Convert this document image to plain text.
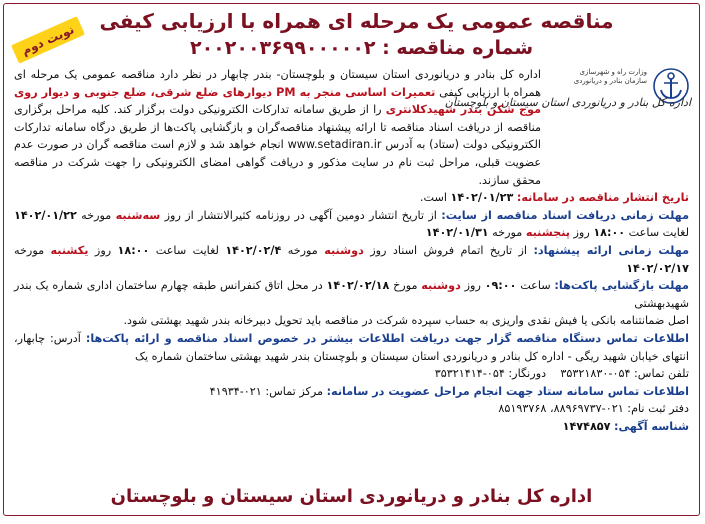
مناقصه عمومی یک مرحله ای همراه با ارزیابی کیفی
شماره مناقصه : ۲۰۰۲۰۰۳۶۹۹۰۰۰۰۰۲
نوبت دوم
وزارت راه و شهرسازی سازمان بنادر و دریانوردی
اداره کل بنادر و دریانوردی استان سیستان و بلوچستان

اداره کل بنادر و دریانوردی استان سیستان و بلوچستان- بندر چابهار در نظر دارد مناقصه عمومی یک مرحله ای همراه با ارزیابی کیفی تعمیرات اساسی منجر به PM دیوارهای ضلع شرقی، ضلع جنوبی و دیوار روی موج شکن بندر شهیدکلانتری را از طریق سامانه تدارکات الکترونیکی دولت برگزار کند. کلیه مراحل برگزاری مناقصه از دریافت اسناد مناقصه تا ارائه پیشنهاد مناقصه‌گران و بازگشایی پاکت‌ها از طریق درگاه سامانه تدارکات الکترونیکی دولت (ستاد) به آدرس www.setadiran.ir انجام خواهد شد و لازم است مناقصه گران در صورت عدم عضویت قبلی، مراحل ثبت نام در سایت مذکور و دریافت گواهی امضای الکترونیکی را جهت شرکت در مناقصه محقق سازند.

تاریخ انتشار مناقصه در سامانه: ۱۴۰۲/۰۱/۲۳ است.

مهلت زمانی دریافت اسناد مناقصه از سایت: از تاریخ انتشار دومین آگهی در روزنامه کثیرالانتشار از روز سه‌شنبه مورخه ۱۴۰۲/۰۱/۲۲ لغایت ساعت ۱۸:۰۰ روز پنجشنبه مورخه ۱۴۰۲/۰۱/۳۱

مهلت زمانی ارائه پیشنهاد: از تاریخ اتمام فروش اسناد روز دوشنبه مورخه ۱۴۰۲/۰۲/۴ لغایت ساعت ۱۸:۰۰ روز یکشنبه مورخه ۱۴۰۲/۰۲/۱۷

مهلت بازگشایی پاکت‌ها: ساعت ۰۹:۰۰ روز دوشنبه مورخ ۱۴۰۲/۰۲/۱۸ در محل اتاق کنفرانس طبقه چهارم ساختمان اداری شماره یک بندر شهیدبهشتی

اصل ضمانتنامه بانکی یا فیش نقدی واریزی به حساب سپرده شرکت در مناقصه باید تحویل دبیرخانه بندر شهید بهشتی شود.

اطلاعات تماس دستگاه مناقصه گزار جهت دریافت اطلاعات بیشتر در خصوص اسناد مناقصه و ارائه پاکت‌ها: آدرس: چابهار، انتهای خیابان شهید ریگی - اداره کل بنادر و دریانوردی استان سیستان و بلوچستان بندر شهید بهشتی ساختمان شماره یک
تلفن تماس: ۰۵۴-۳۵۳۲۱۸۳۰    دورنگار: ۰۵۴-۳۵۳۲۱۴۱۴

اطلاعات تماس سامانه ستاد جهت انجام مراحل عضویت در سامانه: مرکز تماس: ۰۲۱-۴۱۹۳۴
دفتر ثبت نام: ۰۲۱-۸۸۹۶۹۷۳۷، ۸۵۱۹۳۷۶۸

شناسه آگهی: ۱۴۷۴۸۵۷

اداره کل بنادر و دریانوردی استان سیستان و بلوچستان
